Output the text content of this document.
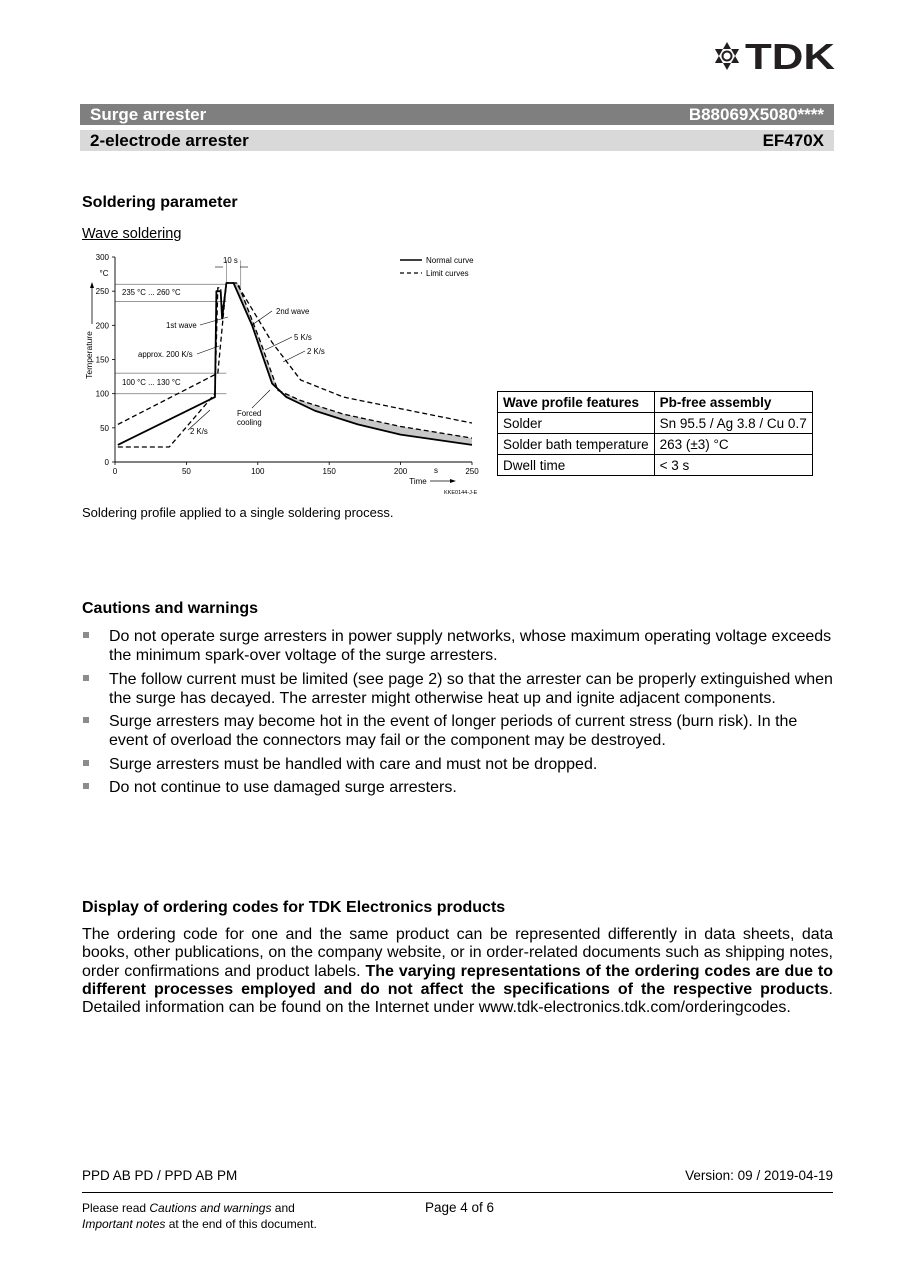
TDK
Surge arrester	B88069X5080****
2-electrode arrester	EF470X
Soldering parameter
Wave soldering
0	50	100	150	200	250
0
50
100
150
200
250
300
Temperature
°C
Time
s
Normal curve
Limit curves
10 s
235 °C ... 260 °C
1st wave
2nd wave
approx. 200 K/s
5 K/s
2 K/s
100 °C ... 130 °C
Forced cooling
2 K/s
KKE0144-J-E
Wave profile features	Pb-free assembly
Solder	Sn 95.5 / Ag 3.8 / Cu 0.7
Solder bath temperature	263 (±3) °C
Dwell time	< 3 s
Soldering profile applied to a single soldering process.
Cautions and warnings
Do not operate surge arresters in power supply networks, whose maximum operating voltage exceeds the minimum spark-over voltage of the surge arresters.
The follow current must be limited (see page 2) so that the arrester can be properly extinguished when the surge has decayed. The arrester might otherwise heat up and ignite adjacent components.
Surge arresters may become hot in the event of longer periods of current stress (burn risk). In the event of overload the connectors may fail or the component may be destroyed.
Surge arresters must be handled with care and must not be dropped.
Do not continue to use damaged surge arresters.
Display of ordering codes for TDK Electronics products
The ordering code for one and the same product can be represented differently in data sheets, data books, other publications, on the company website, or in order-related documents such as shipping notes, order confirmations and product labels. The varying representations of the ordering codes are due to different processes employed and do not affect the specifications of the respective products. Detailed information can be found on the Internet under www.tdk-electronics.tdk.com/orderingcodes.
PPD AB PD / PPD AB PM	Version: 09 / 2019-04-19
Please read Cautions and warnings and
Important notes at the end of this document.
Page 4 of 6
